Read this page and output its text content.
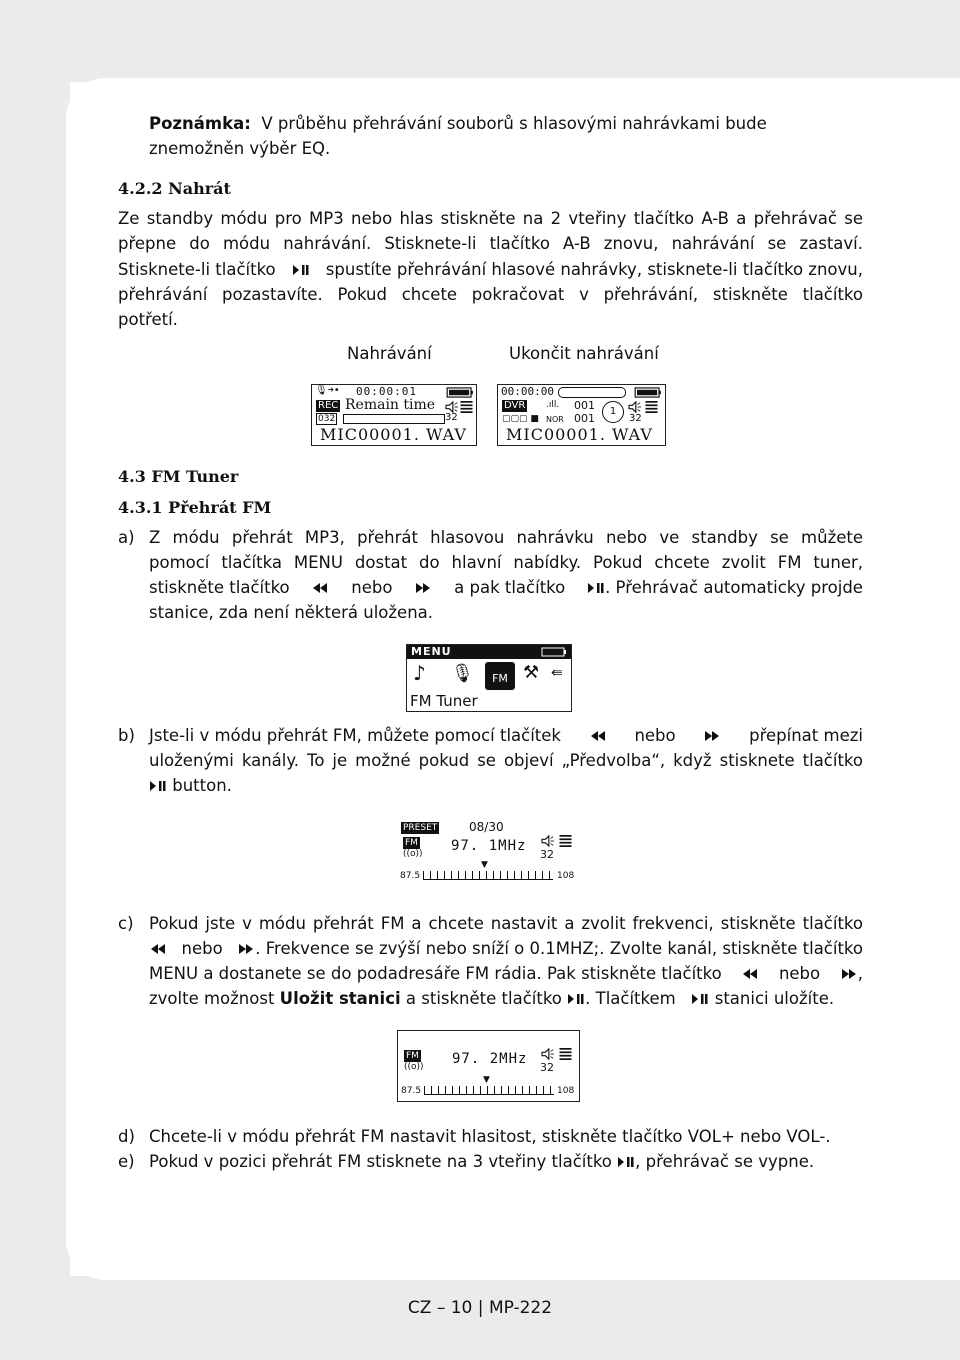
Poznámka: V průběhu přehrávání souborů s hlasovými nahrávkami bude
znemožněn výběr EQ.
4.2.2 Nahrát
Ze standby módu pro MP3 nebo hlas stiskněte na 2 vteřiny tlačítko A-B a přehrávač se
přepne do módu nahrávání. Stisknete-li tlačítko A-B znovu, nahrávání se zastaví.
Stisknete-li tlačítko	spustíte přehrávání hlasové nahrávky, stisknete-li tlačítko znovu,
přehrávání pozastavíte. Pokud chcete pokračovat v přehrávání, stiskněte tlačítko
potřetí.
Nahrávání	Ukončit nahrávání
🎙➜• 00:00:01
REC Remain time
032	32
MIC00001. WAV
00:00:00
DVR .ıll. 001
▢▢▢ ■ NOR 001
1
32
MIC00001. WAV
4.3 FM Tuner
4.3.1 Přehrát FM
a) Z módu přehrát MP3, přehrát hlasovou nahrávku nebo ve standby se můžete
pomocí tlačítka MENU dostat do hlavní nabídky. Pokud chcete zvolit FM tuner,
stiskněte tlačítko	nebo	a pak tlačítko	. Přehrávač automaticky projde
stanice, zda není některá uložena.
MENU
♪ 🎙	FM ⚒ ⇚
FM Tuner
b) Jste-li v módu přehrát FM, můžete pomocí tlačítek	nebo	přepínat mezi
uloženými kanály. To je možné pokud se objeví „Předvolba“, když stisknete tlačítko
button.
PRESET	08/30
FM
((o)) 97. 1MHz
32
▼
87.5	108
c) Pokud jste v módu přehrát FM a chcete nastavit a zvolit frekvenci, stiskněte tlačítko
nebo	. Frekvence se zvýší nebo sníží o 0.1MHZ;. Zvolte kanál, stiskněte tlačítko
MENU a dostanete se do podadresáře FM rádia. Pak stiskněte tlačítko	nebo	,
zvolte možnost Uložit stanici a stiskněte tlačítko . Tlačítkem stanici uložíte.
FM
((o)) 97. 2MHz
32
▼
87.5	108
d) Chcete-li v módu přehrát FM nastavit hlasitost, stiskněte tlačítko VOL+ nebo VOL-.
e) Pokud v pozici přehrát FM stisknete na 3 vteřiny tlačítko , přehrávač se vypne.
CZ – 10 | MP-222
